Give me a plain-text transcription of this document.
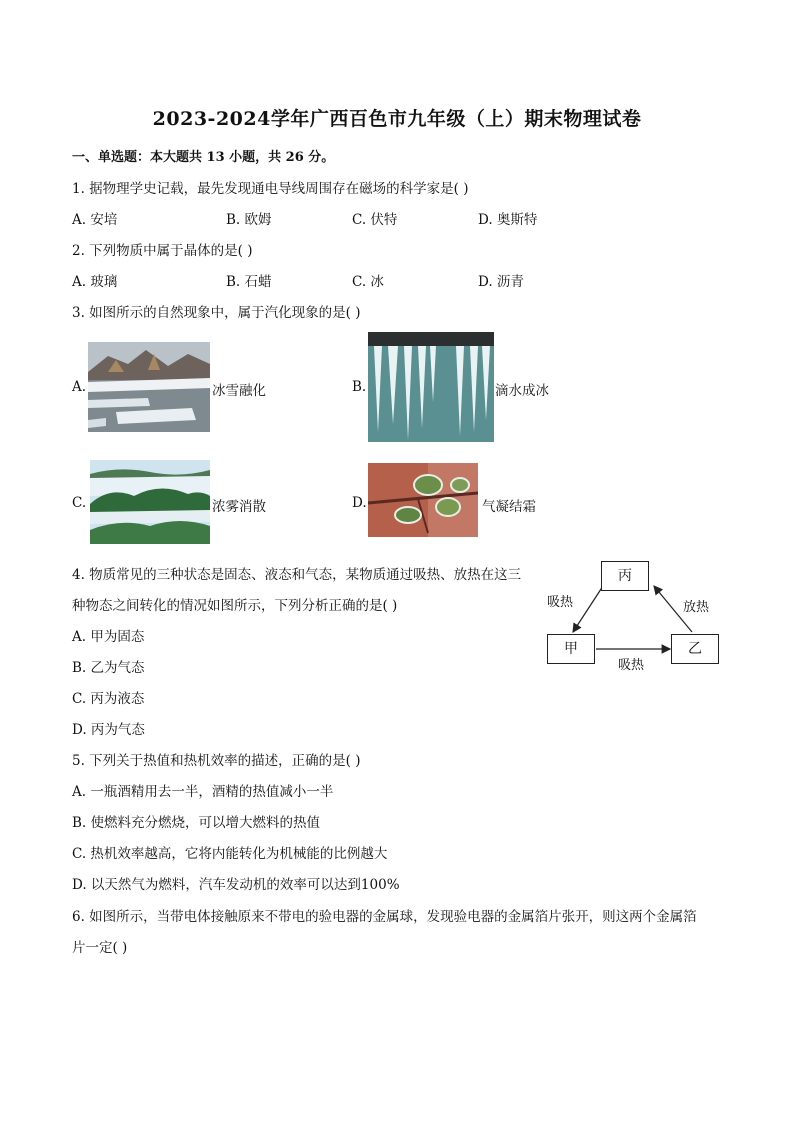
2023-2024学年广西百色市九年级（上）期末物理试卷
一、单选题：本大题共 13 小题，共 26 分。
1. 据物理学史记载，最先发现通电导线周围存在磁场的科学家是( )
A. 安培	B. 欧姆	C. 伏特	D. 奥斯特
2. 下列物质中属于晶体的是( )
A. 玻璃	B. 石蜡	C. 冰	D. 沥青
3. 如图所示的自然现象中，属于汽化现象的是( )
A.	冰雪融化	B.	滴水成冰
C.	浓雾消散	D.	气凝结霜
4. 物质常见的三种状态是固态、液态和气态，某物质通过吸热、放热在这三
种物态之间转化的情况如图所示，下列分析正确的是( )
A. 甲为固态
B. 乙为气态
C. 丙为液态
D. 丙为气态
丙
甲	乙
吸热	放热
吸热
5. 下列关于热值和热机效率的描述，正确的是( )
A. 一瓶酒精用去一半，酒精的热值减小一半
B. 使燃料充分燃烧，可以增大燃料的热值
C. 热机效率越高，它将内能转化为机械能的比例越大
D. 以天然气为燃料，汽车发动机的效率可以达到100%
6. 如图所示，当带电体接触原来不带电的验电器的金属球，发现验电器的金属箔片张开，则这两个金属箔
片一定( )
